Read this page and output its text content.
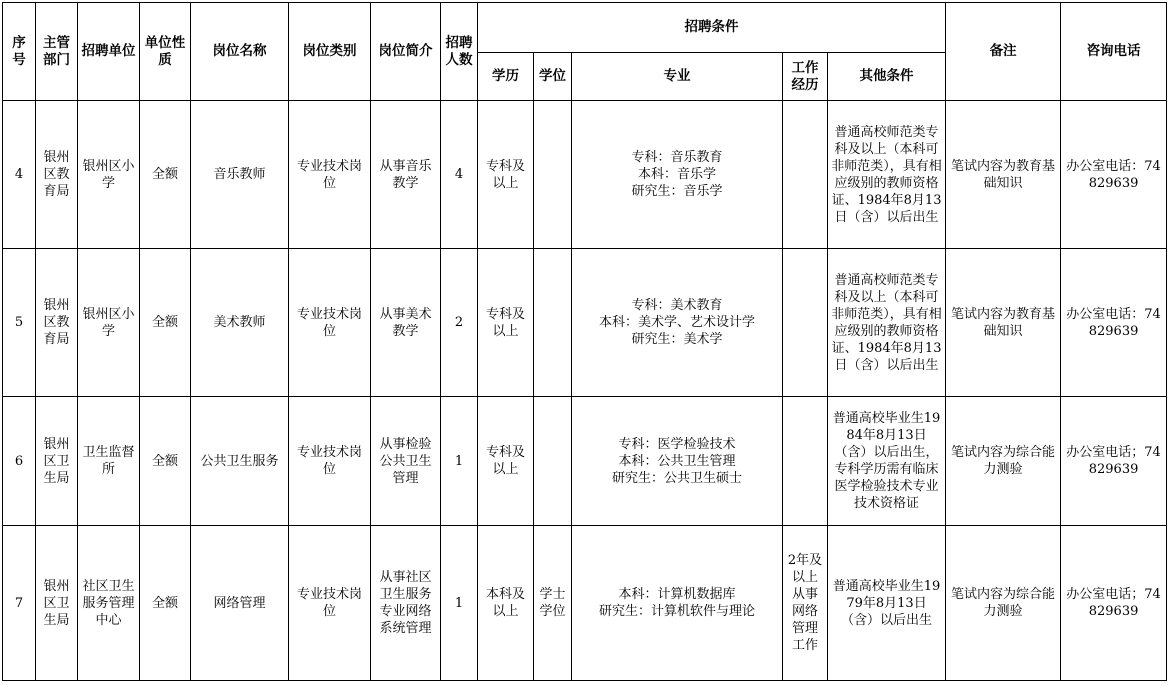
序号	主管部门	招聘单位	单位性质	岗位名称	岗位类别	岗位简介	招聘人数	招聘条件					备注	咨询电话
								学历	学位	专业	工作经历	其他条件		
4	银州区教育局	银州区小学	全额	音乐教师	专业技术岗位	从事音乐教学	4	专科及以上		专科：音乐教育
本科：音乐学
研究生：音乐学		普通高校师范类专科及以上（本科可非师范类），具有相应级别的教师资格证、1984年8月13日（含）以后出生	笔试内容为教育基础知识	办公室电话：74829639
5	银州区教育局	银州区小学	全额	美术教师	专业技术岗位	从事美术教学	2	专科及以上		专科：美术教育
本科：美术学、艺术设计学
研究生：美术学		普通高校师范类专科及以上（本科可非师范类），具有相应级别的教师资格证、1984年8月13日（含）以后出生	笔试内容为教育基础知识	办公室电话：74829639
6	银州区卫生局	卫生监督所	全额	公共卫生服务	专业技术岗位	从事检验公共卫生管理	1	专科及以上		专科：医学检验技术
本科：公共卫生管理
研究生：公共卫生硕士		普通高校毕业生1984年8月13日（含）以后出生，专科学历需有临床医学检验技术专业技术资格证	笔试内容为综合能力测验	办公室电话；74829639
7	银州区卫生局	社区卫生服务管理中心	全额	网络管理	专业技术岗位	从事社区卫生服务专业网络系统管理	1	本科及以上	学士学位	本科：计算机数据库
研究生：计算机软件与理论	2年及以上从事网络管理工作	普通高校毕业生1979年8月13日（含）以后出生	笔试内容为综合能力测验	办公室电话；74829639
